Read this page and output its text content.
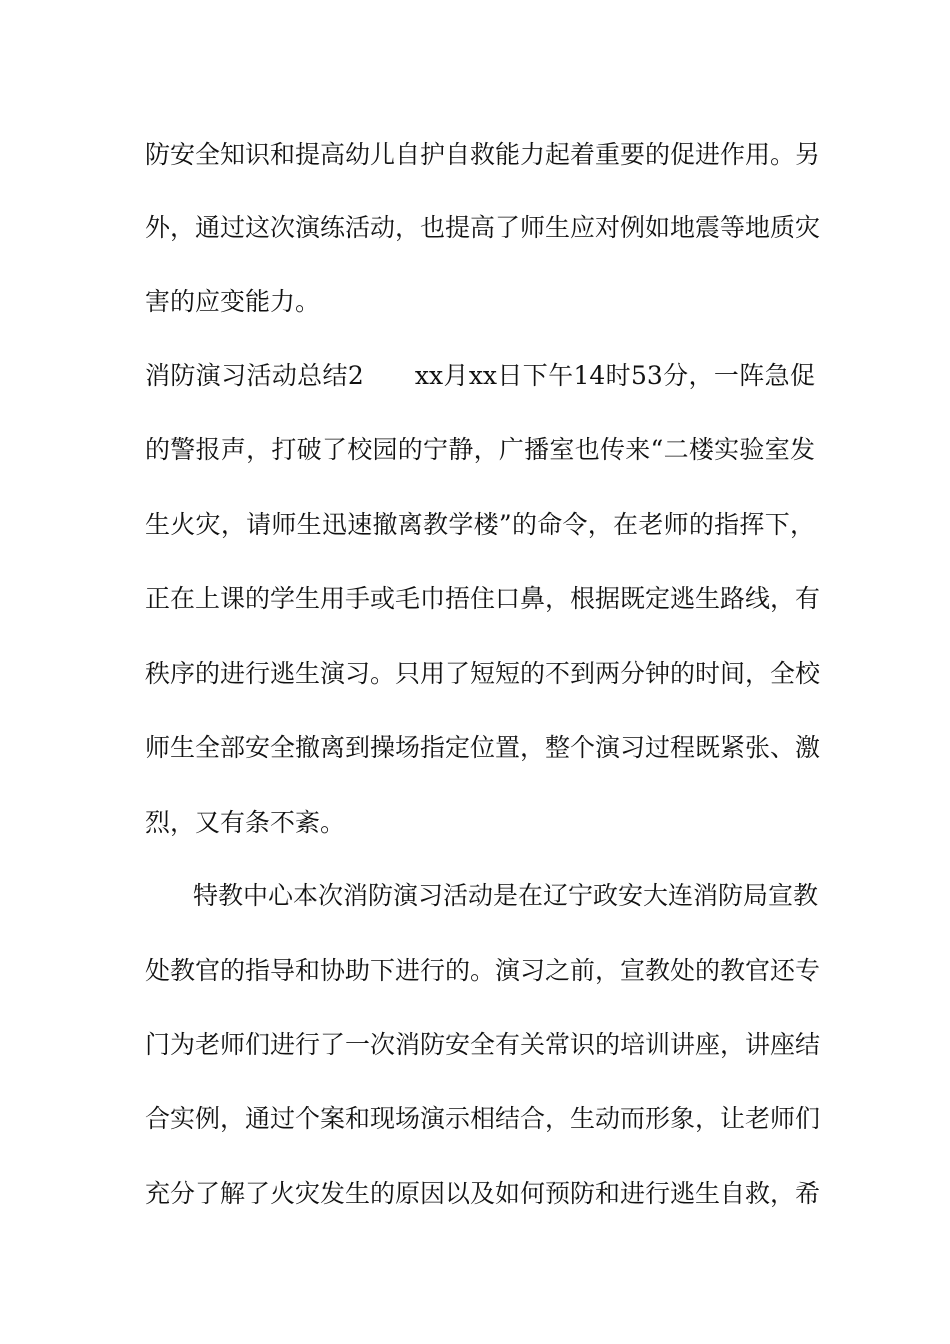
防安全知识和提高幼儿自护自救能力起着重要的促进作用。另
外，通过这次演练活动，也提高了师生应对例如地震等地质灾
害的应变能力。
消防演习活动总结2　　xx月xx日下午14时53分，一阵急促
的警报声，打破了校园的宁静，广播室也传来“二楼实验室发
生火灾，请师生迅速撤离教学楼”的命令，在老师的指挥下，
正在上课的学生用手或毛巾捂住口鼻，根据既定逃生路线，有
秩序的进行逃生演习。只用了短短的不到两分钟的时间，全校
师生全部安全撤离到操场指定位置，整个演习过程既紧张、激
烈，又有条不紊。
特教中心本次消防演习活动是在辽宁政安大连消防局宣教
处教官的指导和协助下进行的。演习之前，宣教处的教官还专
门为老师们进行了一次消防安全有关常识的培训讲座，讲座结
合实例，通过个案和现场演示相结合，生动而形象，让老师们
充分了解了火灾发生的原因以及如何预防和进行逃生自救，希
